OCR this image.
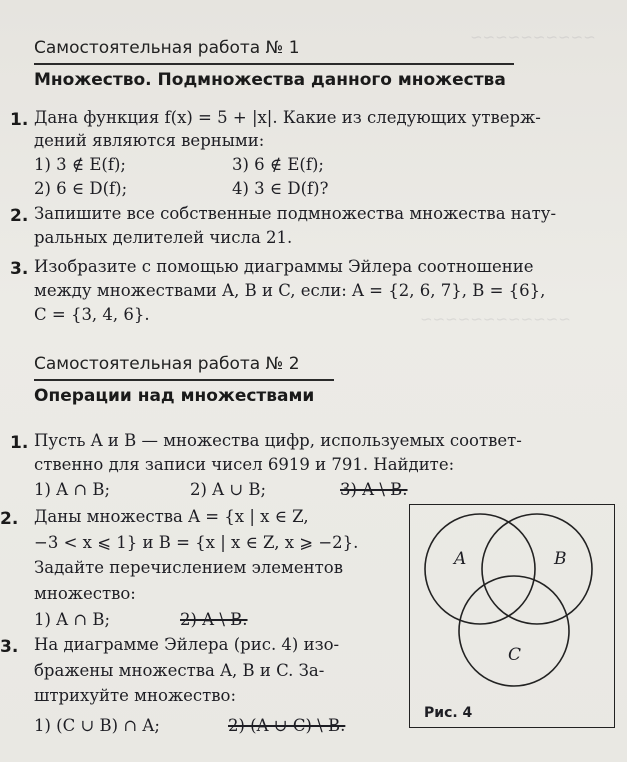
~~~~~~~~~~
~~~~~~~~~~~~
Самостоятельная работа № 1
Множество. Подмножества данного множества
1. Дана функция f(x) = 5 + |x|. Какие из следующих утверж-
дений являются верными:
1) 3 ∉ E(f);	3) 6 ∉ E(f);
2) 6 ∈ D(f);	4) 3 ∈ D(f)?
2. Запишите все собственные подмножества множества нату-
ральных делителей числа 21.
3. Изобразите с помощью диаграммы Эйлера соотношение
между множествами A, B и C, если: A = {2, 6, 7}, B = {6},
C = {3, 4, 6}.
Самостоятельная работа № 2
Операции над множествами
1. Пусть A и B — множества цифр, используемых соответ-
ственно для записи чисел 6919 и 791. Найдите:
1) A ∩ B;	2) A ∪ B;	3) A \ B.
2. Даны множества A = {x | x ∈ Z,
−3 < x ⩽ 1} и B = {x | x ∈ Z, x ⩾ −2}.
Задайте перечислением элементов
множество:
1) A ∩ B;	2) A \ B.
3. На диаграмме Эйлера (рис. 4) изо-
бражены множества A, B и C. За-
штрихуйте множество:
1) (C ∪ B) ∩ A;	2) (A ∪ C) \ B.
A	B
C
Рис. 4
